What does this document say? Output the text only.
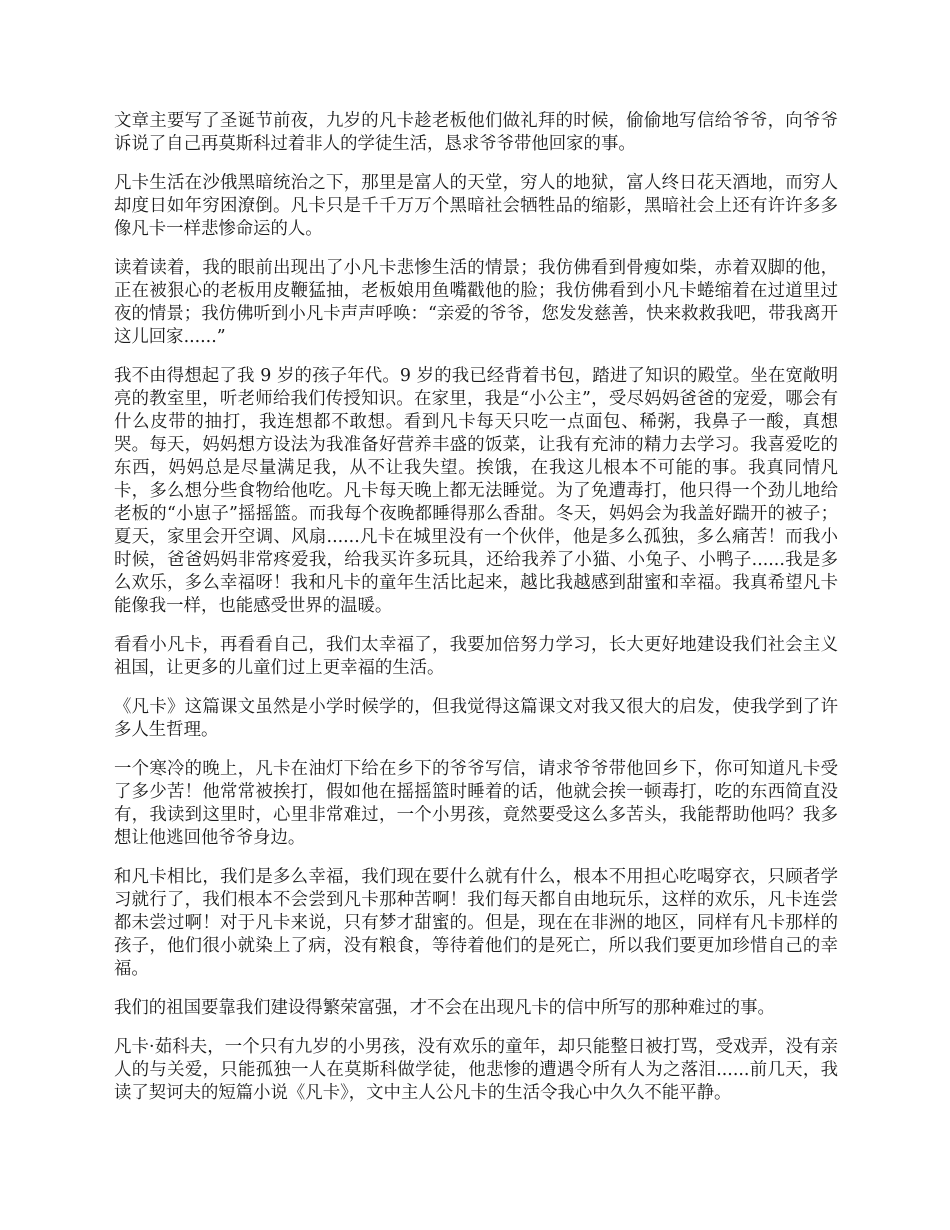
文章主要写了圣诞节前夜，九岁的凡卡趁老板他们做礼拜的时候，偷偷地写信给爷爷，向爷爷诉说了自己再莫斯科过着非人的学徒生活，恳求爷爷带他回家的事。

凡卡生活在沙俄黑暗统治之下，那里是富人的天堂，穷人的地狱，富人终日花天酒地，而穷人却度日如年穷困潦倒。凡卡只是千千万万个黑暗社会牺牲品的缩影，黑暗社会上还有许许多多像凡卡一样悲惨命运的人。

读着读着，我的眼前出现出了小凡卡悲惨生活的情景；我仿佛看到骨瘦如柴，赤着双脚的他，正在被狠心的老板用皮鞭猛抽，老板娘用鱼嘴戳他的脸；我仿佛看到小凡卡蜷缩着在过道里过夜的情景；我仿佛听到小凡卡声声呼唤：“亲爱的爷爷，您发发慈善，快来救救我吧，带我离开这儿回家......”

我不由得想起了我 9 岁的孩子年代。9 岁的我已经背着书包，踏进了知识的殿堂。坐在宽敞明亮的教室里，听老师给我们传授知识。在家里，我是“小公主”，受尽妈妈爸爸的宠爱，哪会有什么皮带的抽打，我连想都不敢想。看到凡卡每天只吃一点面包、稀粥，我鼻子一酸，真想哭。每天，妈妈想方设法为我准备好营养丰盛的饭菜，让我有充沛的精力去学习。我喜爱吃的东西，妈妈总是尽量满足我，从不让我失望。挨饿，在我这儿根本不可能的事。我真同情凡卡，多么想分些食物给他吃。凡卡每天晚上都无法睡觉。为了免遭毒打，他只得一个劲儿地给老板的“小崽子”摇摇篮。而我每个夜晚都睡得那么香甜。冬天，妈妈会为我盖好踹开的被子；夏天，家里会开空调、风扇......凡卡在城里没有一个伙伴，他是多么孤独，多么痛苦！而我小时候，爸爸妈妈非常疼爱我，给我买许多玩具，还给我养了小猫、小兔子、小鸭子......我是多么欢乐，多么幸福呀！我和凡卡的童年生活比起来，越比我越感到甜蜜和幸福。我真希望凡卡能像我一样，也能感受世界的温暖。

看看小凡卡，再看看自己，我们太幸福了，我要加倍努力学习，长大更好地建设我们社会主义祖国，让更多的儿童们过上更幸福的生活。

《凡卡》这篇课文虽然是小学时候学的，但我觉得这篇课文对我又很大的启发，使我学到了许多人生哲理。

一个寒冷的晚上，凡卡在油灯下给在乡下的爷爷写信，请求爷爷带他回乡下，你可知道凡卡受了多少苦！他常常被挨打，假如他在摇摇篮时睡着的话，他就会挨一顿毒打，吃的东西简直没有，我读到这里时，心里非常难过，一个小男孩，竟然要受这么多苦头，我能帮助他吗？我多想让他逃回他爷爷身边。

和凡卡相比，我们是多么幸福，我们现在要什么就有什么，根本不用担心吃喝穿衣，只顾者学习就行了，我们根本不会尝到凡卡那种苦啊！我们每天都自由地玩乐，这样的欢乐，凡卡连尝都未尝过啊！对于凡卡来说，只有梦才甜蜜的。但是，现在在非洲的地区，同样有凡卡那样的孩子，他们很小就染上了病，没有粮食，等待着他们的是死亡，所以我们要更加珍惜自己的幸福。

我们的祖国要靠我们建设得繁荣富强，才不会在出现凡卡的信中所写的那种难过的事。

凡卡·茹科夫，一个只有九岁的小男孩，没有欢乐的童年，却只能整日被打骂，受戏弄，没有亲人的与关爱，只能孤独一人在莫斯科做学徒，他悲惨的遭遇令所有人为之落泪......前几天，我读了契诃夫的短篇小说《凡卡》，文中主人公凡卡的生活令我心中久久不能平静。
